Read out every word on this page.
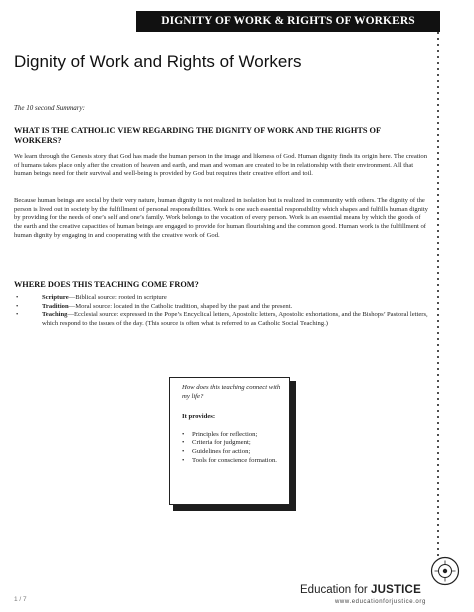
DIGNITY OF WORK & RIGHTS OF WORKERS
Dignity of Work and Rights of Workers
The 10 second Summary:
WHAT IS THE CATHOLIC VIEW REGARDING THE DIGNITY OF WORK AND THE RIGHTS OF WORKERS?

We learn through the Genesis story that God has made the human person in the image and likeness of God. Human dignity finds its origin here. The creation of humans takes place only after the creation of heaven and earth, and man and woman are created to be in relationship with their environment. All that human beings need for their survival and well-being is provided by God but requires their creative effort and toil.

Because human beings are social by their very nature, human dignity is not realized in isolation but is realized in community with others. The dignity of the person is lived out in society by the fulfillment of personal responsibilities. Work is one such essential responsibility which shapes and fulfills human dignity by providing for the needs of one’s self and one’s family. Work belongs to the vocation of every person. Work is an essential means by which the goods of the earth and the creative capacities of human beings are engaged to provide for human flourishing and the common good. Human work is the fulfillment of human dignity by engaging in and cooperating with the creative work of God.

WHERE DOES THIS TEACHING COME FROM?
•	Scripture—Biblical source: rooted in scripture
•	Tradition—Moral source: located in the Catholic tradition, shaped by the past and the present.
•	Teaching—Ecclesial source: expressed in the Pope’s Encyclical letters, Apostolic letters, Apostolic exhortations, and the Bishops’ Pastoral letters, which respond to the issues of the day. (This source is often what is referred to as Catholic Social Teaching.)
How does this teaching connect with my life?
It provides:
•	Principles for reflection;
•	Criteria for judgment;
•	Guidelines for action;
•	Tools for conscience formation.
1 / 7
Education for JUSTICE
www.educationforjustice.org
